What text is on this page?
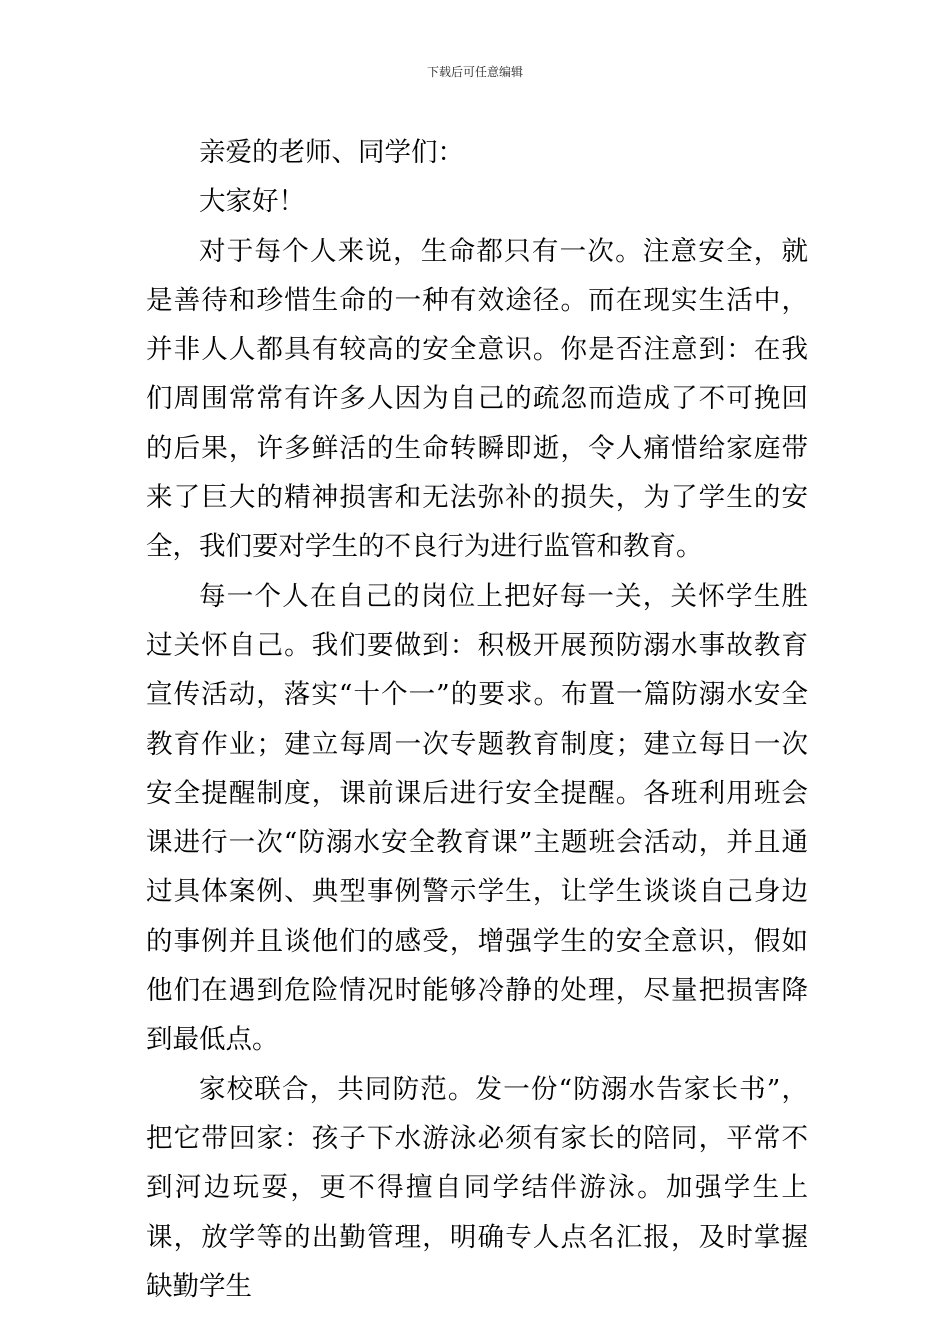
下载后可任意编辑

亲爱的老师、同学们：

大家好！

对于每个人来说，生命都只有一次。注意安全，就是善待和珍惜生命的一种有效途径。而在现实生活中，并非人人都具有较高的安全意识。你是否注意到：在我们周围常常有许多人因为自己的疏忽而造成了不可挽回的后果，许多鲜活的生命转瞬即逝，令人痛惜给家庭带来了巨大的精神损害和无法弥补的损失，为了学生的安全，我们要对学生的不良行为进行监管和教育。

每一个人在自己的岗位上把好每一关，关怀学生胜过关怀自己。我们要做到：积极开展预防溺水事故教育宣传活动，落实“十个一”的要求。布置一篇防溺水安全教育作业；建立每周一次专题教育制度；建立每日一次安全提醒制度，课前课后进行安全提醒。各班利用班会课进行一次“防溺水安全教育课”主题班会活动，并且通过具体案例、典型事例警示学生，让学生谈谈自己身边的事例并且谈他们的感受，增强学生的安全意识，假如他们在遇到危险情况时能够冷静的处理，尽量把损害降到最低点。

家校联合，共同防范。发一份“防溺水告家长书”，把它带回家：孩子下水游泳必须有家长的陪同，平常不到河边玩耍，更不得擅自同学结伴游泳。加强学生上课，放学等的出勤管理，明确专人点名汇报，及时掌握缺勤学生
